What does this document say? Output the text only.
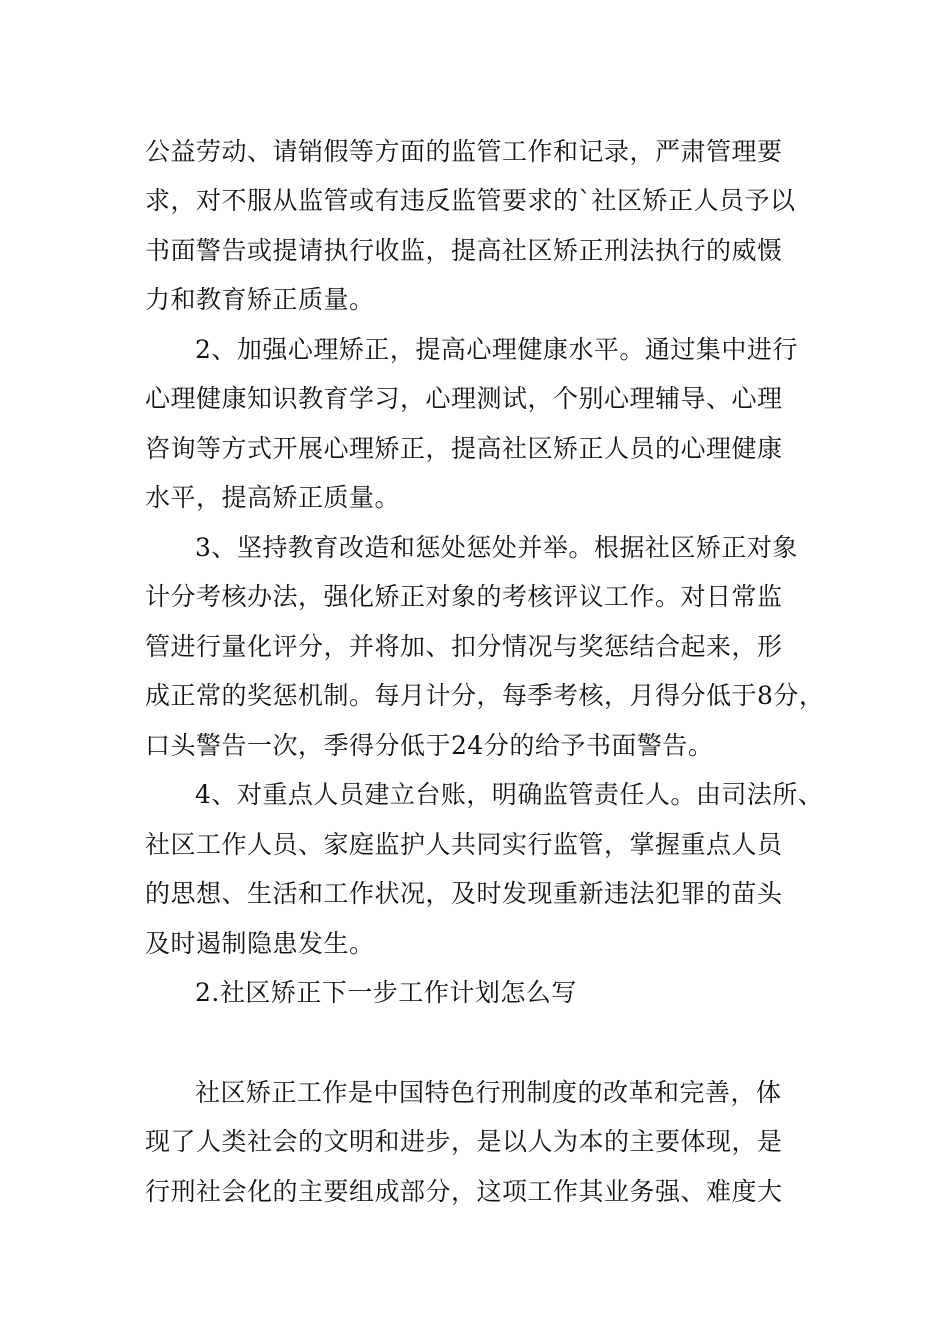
公益劳动、请销假等方面的监管工作和记录，严肃管理要
求，对不服从监管或有违反监管要求的`社区矫正人员予以
书面警告或提请执行收监，提高社区矫正刑法执行的威慑
力和教育矫正质量。
2、加强心理矫正，提高心理健康水平。通过集中进行
心理健康知识教育学习，心理测试，个别心理辅导、心理
咨询等方式开展心理矫正，提高社区矫正人员的心理健康
水平，提高矫正质量。
3、坚持教育改造和惩处惩处并举。根据社区矫正对象
计分考核办法，强化矫正对象的考核评议工作。对日常监
管进行量化评分，并将加、扣分情况与奖惩结合起来，形
成正常的奖惩机制。每月计分，每季考核，月得分低于8分，
口头警告一次，季得分低于24分的给予书面警告。
4、对重点人员建立台账，明确监管责任人。由司法所、
社区工作人员、家庭监护人共同实行监管，掌握重点人员
的思想、生活和工作状况，及时发现重新违法犯罪的苗头
及时遏制隐患发生。
2.社区矫正下一步工作计划怎么写
社区矫正工作是中国特色行刑制度的改革和完善，体
现了人类社会的文明和进步，是以人为本的主要体现，是
行刑社会化的主要组成部分，这项工作其业务强、难度大
